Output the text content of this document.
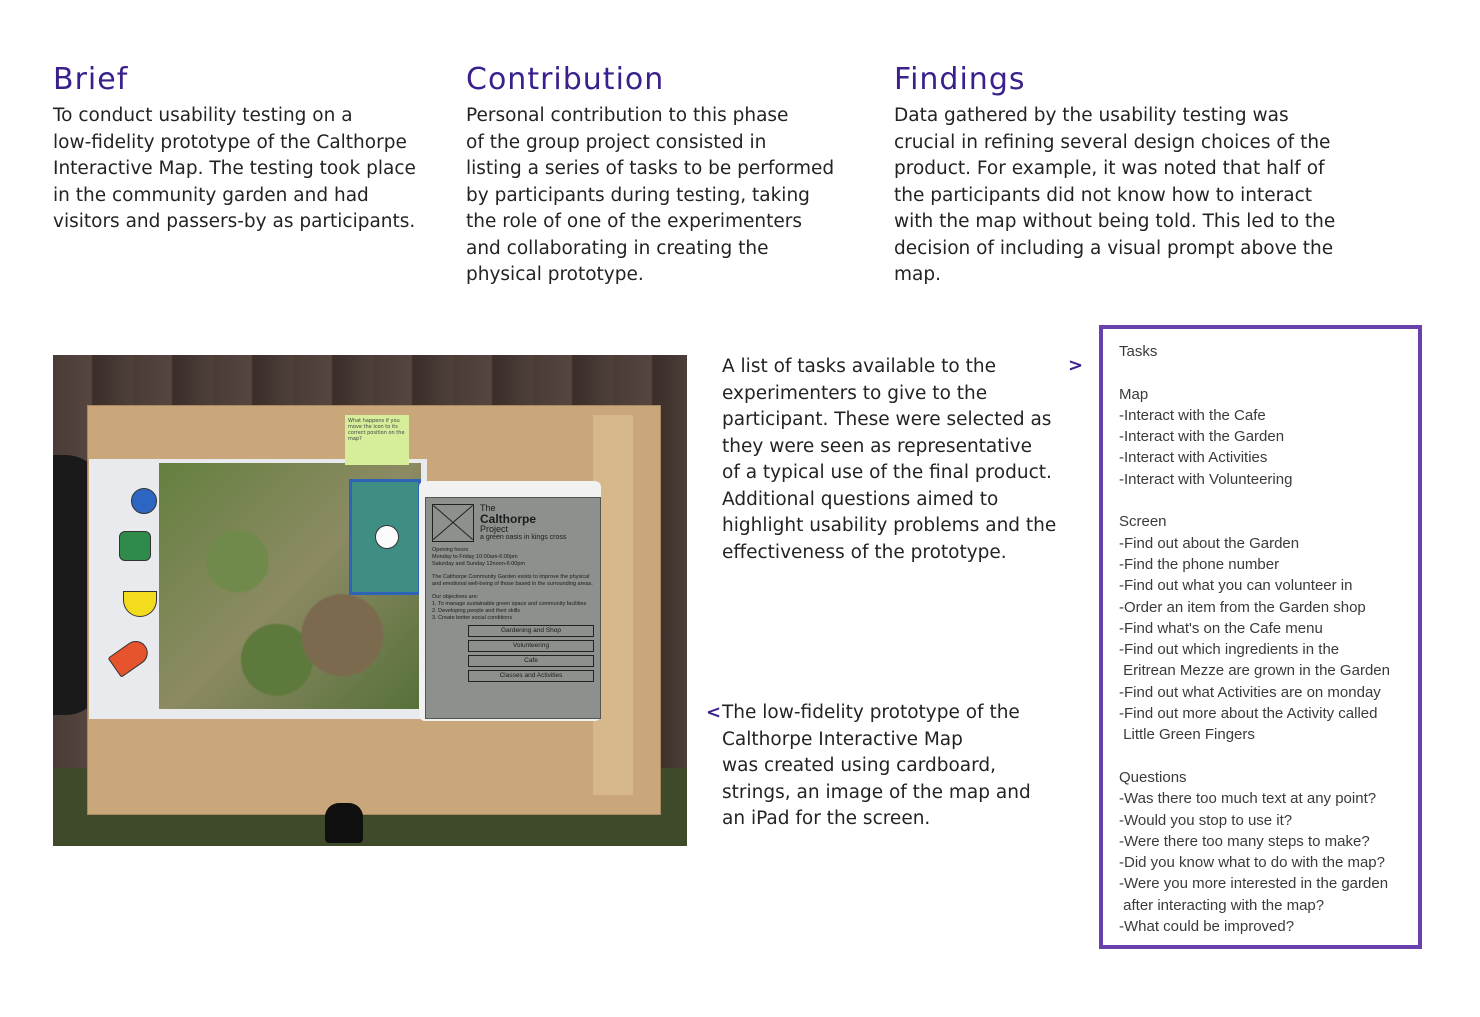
Brief

To conduct usability testing on a
low-fidelity prototype of the Calthorpe
Interactive Map. The testing took place
in the community garden and had
visitors and passers-by as participants.

Contribution

Personal contribution to this phase
of the group project consisted in
listing a series of tasks to be performed
by participants during testing, taking
the role of one of the experimenters
and collaborating in creating the
physical prototype.

Findings

Data gathered by the usability testing was
crucial in refining several design choices of the
product. For example, it was noted that half of
the participants did not know how to interact
with the map without being told. This led to the
decision of including a visual prompt above the
map.

What happens if you move the icon to its correct position on the map?
The
Calthorpe
Project
a green oasis in kings cross
Opening hours
Monday to Friday 10:00am-6:00pm
Saturday and Sunday 12noon-6:00pm
The Calthorpe Community Garden exists to improve the physical and emotional well-being of those based in the surrounding areas.
Our objectives are:
1. To manage sustainable green space and community facilities
2. Developing people and their skills
3. Create better social conditions
Gardening and Shop
Volunteering
Cafe
Classes and Activities
A list of tasks available to the
experimenters to give to the
participant. These were selected as
they were seen as representative
of a typical use of the final product.
Additional questions aimed to
highlight usability problems and the
effectiveness of the prototype.
>
< The low-fidelity prototype of the
Calthorpe Interactive Map
was created using cardboard,
strings, an image of the map and
an iPad for the screen.
Tasks
Map
-Interact with the Cafe
-Interact with the Garden
-Interact with Activities
-Interact with Volunteering
Screen
-Find out about the Garden
-Find the phone number
-Find out what you can volunteer in
-Order an item from the Garden shop
-Find what's on the Cafe menu
-Find out which ingredients in the
Eritrean Mezze are grown in the Garden
-Find out what Activities are on monday
-Find out more about the Activity called
Little Green Fingers
Questions
-Was there too much text at any point?
-Would you stop to use it?
-Were there too many steps to make?
-Did you know what to do with the map?
-Were you more interested in the garden
after interacting with the map?
-What could be improved?
